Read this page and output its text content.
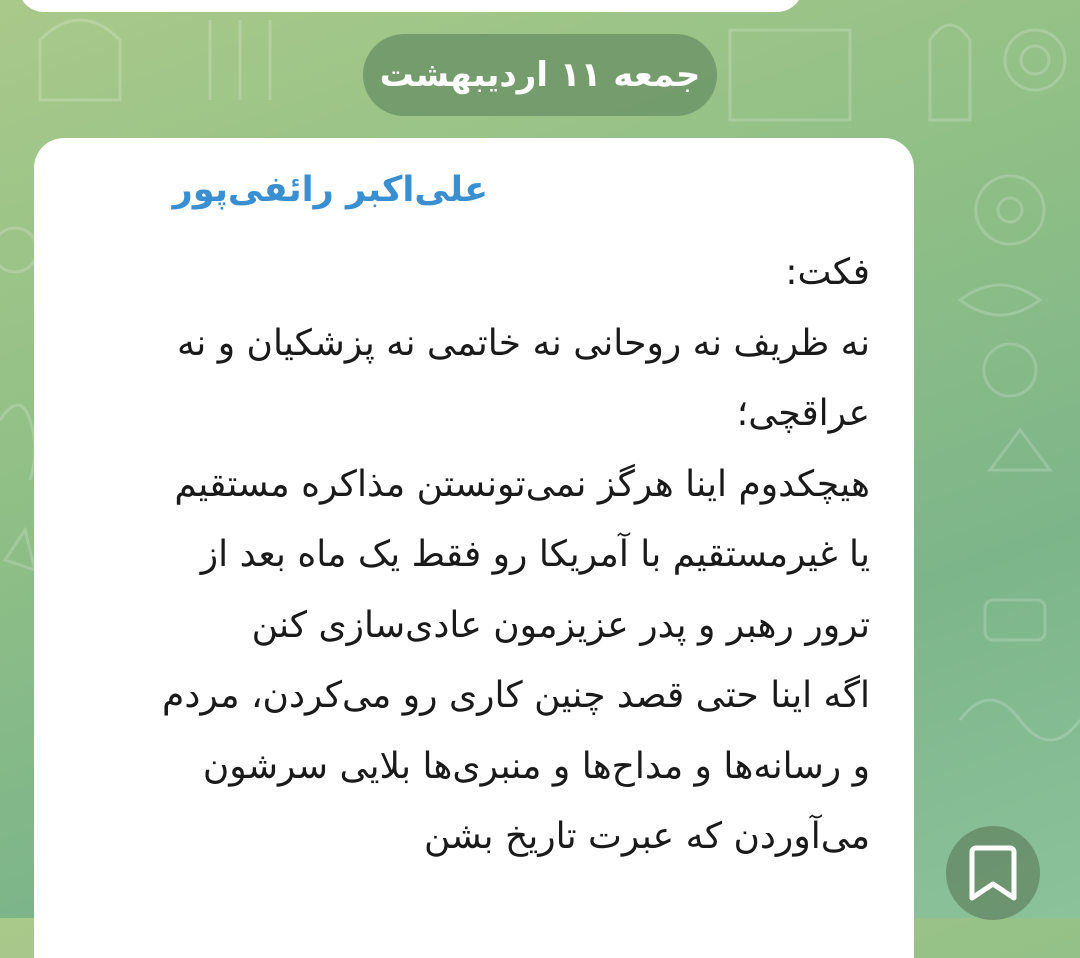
جمعه ۱۱ اردیبهشت
علی‌اکبر رائفی‌پور
فکت:
نه ظریف نه روحانی نه خاتمی نه پزشکیان و نه
عراقچی؛
هیچکدوم اینا هرگز نمی‌تونستن مذاکره مستقیم
یا غیرمستقیم با آمریکا رو فقط یک ماه بعد از
ترور رهبر و پدر عزیزمون عادی‌سازی کنن
اگه اینا حتی قصد چنین کاری رو می‌کردن، مردم
و رسانه‌ها و مداح‌ها و منبری‌ها بلایی سرشون
می‌آوردن که عبرت تاریخ بشن
